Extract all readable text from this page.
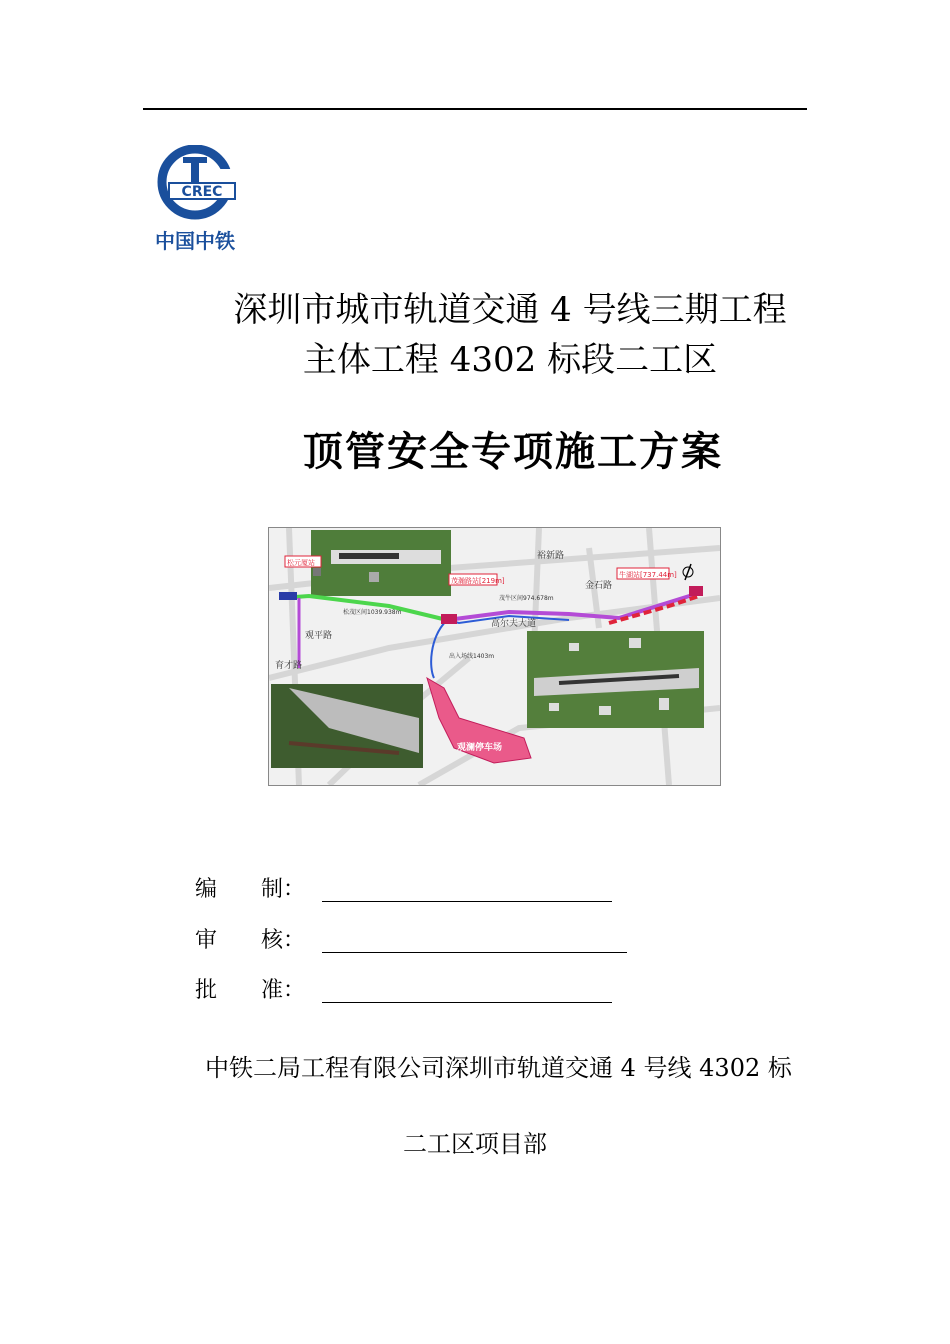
CREC
中国中铁
深圳市城市轨道交通 4 号线三期工程
主体工程 4302 标段二工区
顶管安全专项施工方案
松元厦站
茂瀚路站[219m]
牛湖站[737.44m]
观平路
育才路
裕新路
金石路
高尔夫大道
松茂区间1039.938m
茂牛区间974.678m
出入场线1403m
观澜停车场
编　　制：
审　　核：
批　　准：
中铁二局工程有限公司深圳市轨道交通 4 号线 4302 标
二工区项目部
